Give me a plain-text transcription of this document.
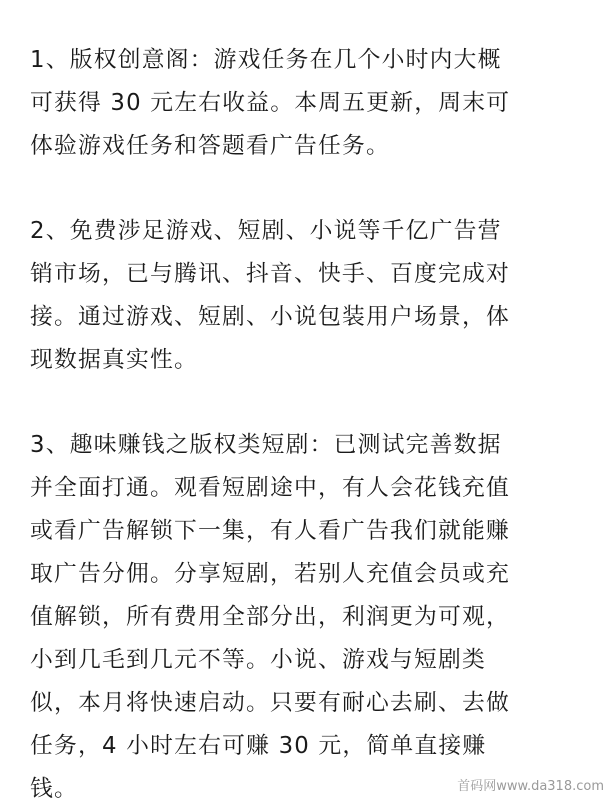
1、版权创意阁：游戏任务在几个小时内大概
可获得 30 元左右收益。本周五更新，周末可
体验游戏任务和答题看广告任务。

2、免费涉足游戏、短剧、小说等千亿广告营
销市场，已与腾讯、抖音、快手、百度完成对
接。通过游戏、短剧、小说包装用户场景，体
现数据真实性。

3、趣味赚钱之版权类短剧：已测试完善数据
并全面打通。观看短剧途中，有人会花钱充值
或看广告解锁下一集，有人看广告我们就能赚
取广告分佣。分享短剧，若别人充值会员或充
值解锁，所有费用全部分出，利润更为可观，
小到几毛到几元不等。小说、游戏与短剧类
似，本月将快速启动。只要有耐心去刷、去做
任务，4 小时左右可赚 30 元，简单直接赚
钱。	首码网www.da318.com
